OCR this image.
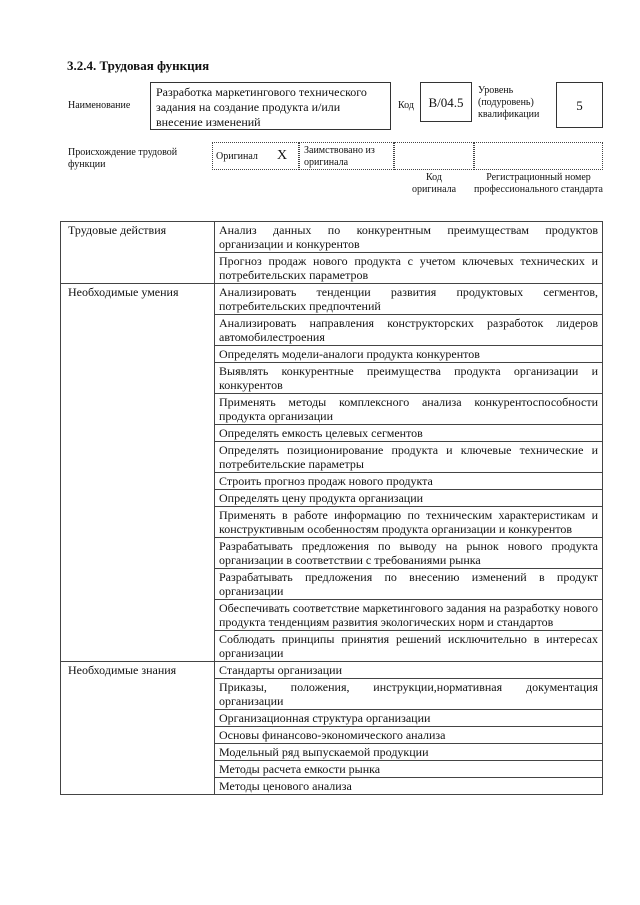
3.2.4. Трудовая функция
Наименование
Разработка маркетингового технического задания на создание продукта и/или внесение изменений
Код	B/04.5
Уровень (подуровень) квалификации
5
Происхождение трудовой функции
Оригинал X Заимствовано из оригинала
Код оригинала
Регистрационный номер профессионального стандарта
Трудовые действия	Анализ данных по конкурентным преимуществам продуктов организации и конкурентов
	Прогноз продаж нового продукта с учетом ключевых технических и потребительских параметров
Необходимые умения	Анализировать тенденции развития продуктовых сегментов, потребительских предпочтений
	Анализировать направления конструкторских разработок лидеров автомобилестроения
	Определять модели-аналоги продукта конкурентов
	Выявлять конкурентные преимущества продукта организации и конкурентов
	Применять методы комплексного анализа конкурентоспособности продукта организации
	Определять емкость целевых сегментов
	Определять позиционирование продукта и ключевые технические и потребительские параметры
	Строить прогноз продаж нового продукта
	Определять цену продукта организации
	Применять в работе информацию по техническим характеристикам и конструктивным особенностям продукта организации и конкурентов
	Разрабатывать предложения по выводу на рынок нового продукта организации в соответствии с требованиями рынка
	Разрабатывать предложения по внесению изменений в продукт организации
	Обеспечивать соответствие маркетингового задания на разработку нового продукта тенденциям развития экологических норм и стандартов
	Соблюдать принципы принятия решений исключительно в интересах организации
Необходимые знания	Стандарты организации
	Приказы, положения, инструкции,нормативная документация организации
	Организационная структура организации
	Основы финансово-экономического анализа
	Модельный ряд выпускаемой продукции
	Методы расчета емкости рынка
	Методы ценового анализа
